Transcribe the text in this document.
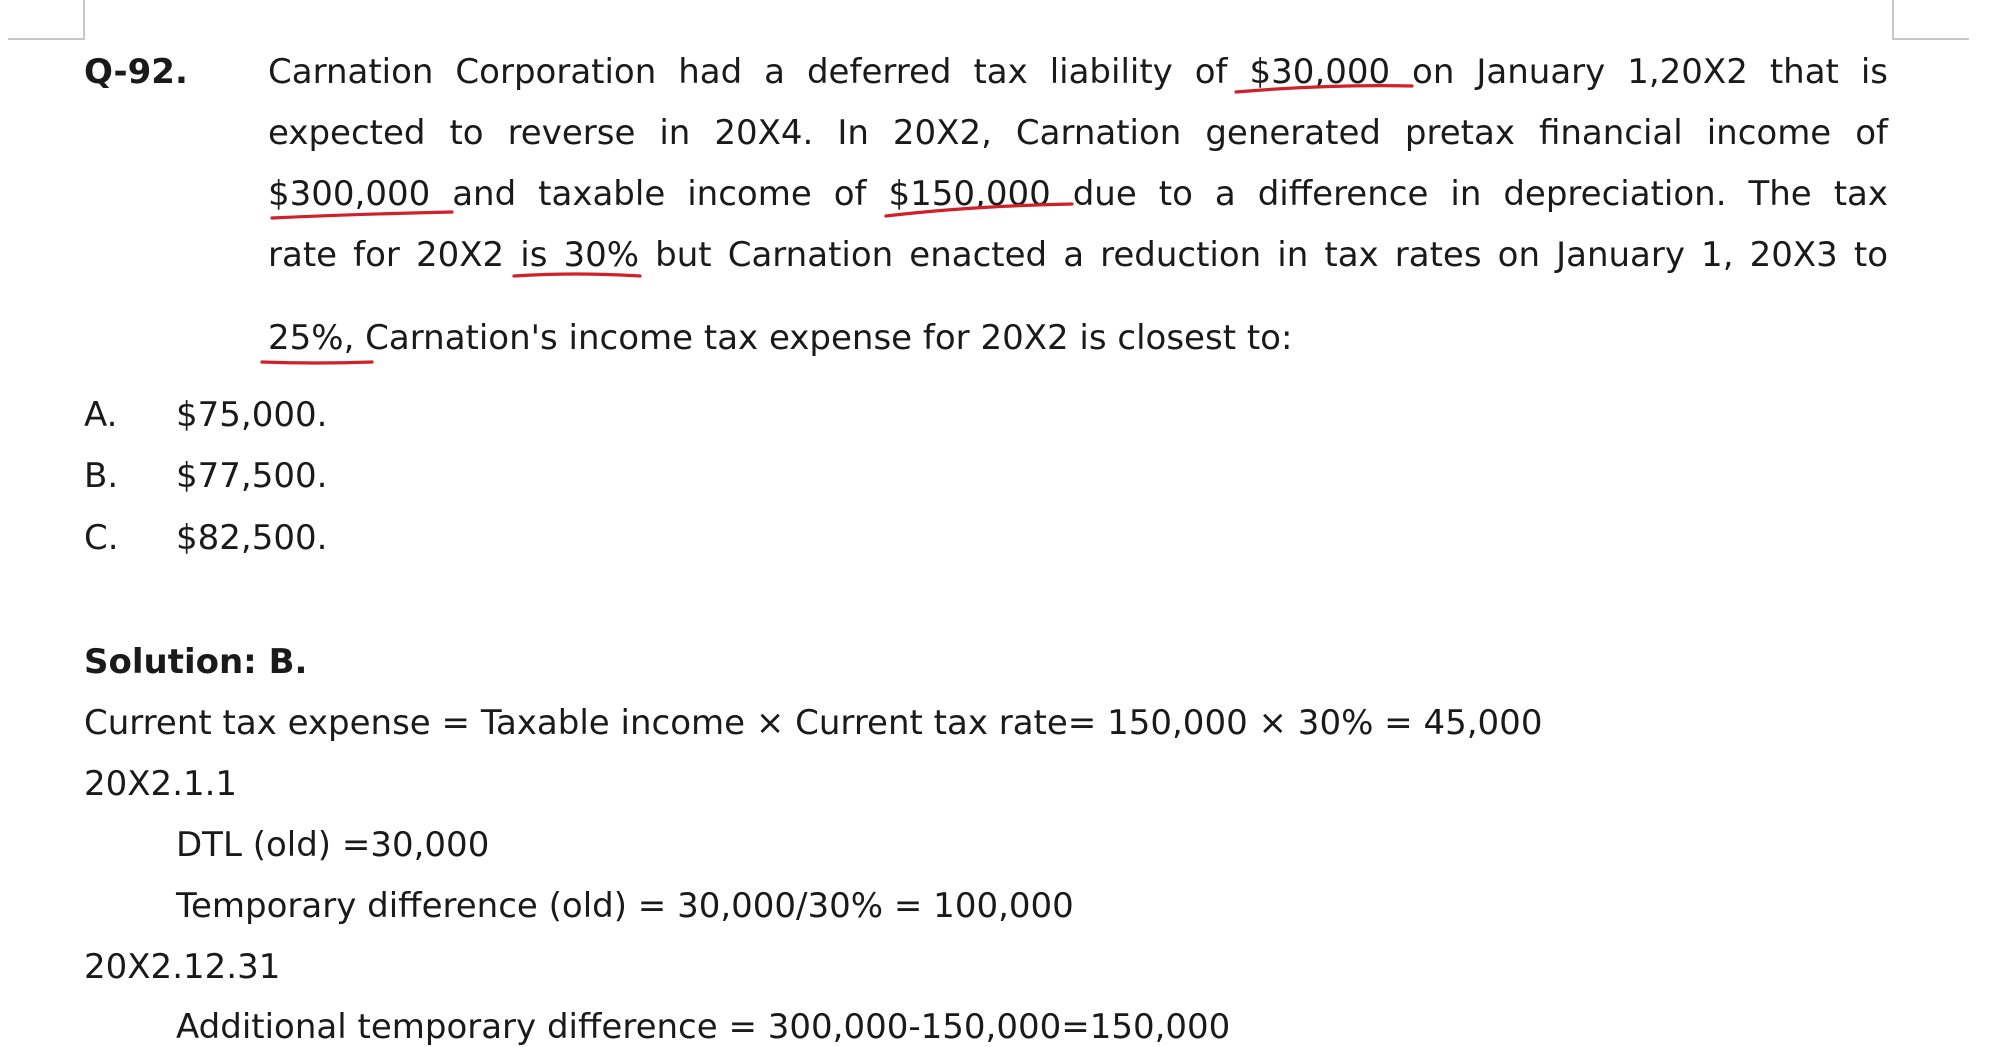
Q-92. Carnation Corporation had a deferred tax liability of $30,000 on January 1,20X2 that is
expected to reverse in 20X4. In 20X2, Carnation generated pretax financial income of
$300,000 and taxable income of $150,000 due to a difference in depreciation. The tax
rate for 20X2 is 30% but Carnation enacted a reduction in tax rates on January 1, 20X3 to
25%, Carnation's income tax expense for 20X2 is closest to:
A. $75,000.
B. $77,500.
C. $82,500.
Solution: B.
Current tax expense = Taxable income × Current tax rate= 150,000 × 30% = 45,000
20X2.1.1
DTL (old) =30,000
Temporary difference (old) = 30,000/30% = 100,000
20X2.12.31
Additional temporary difference = 300,000-150,000=150,000
